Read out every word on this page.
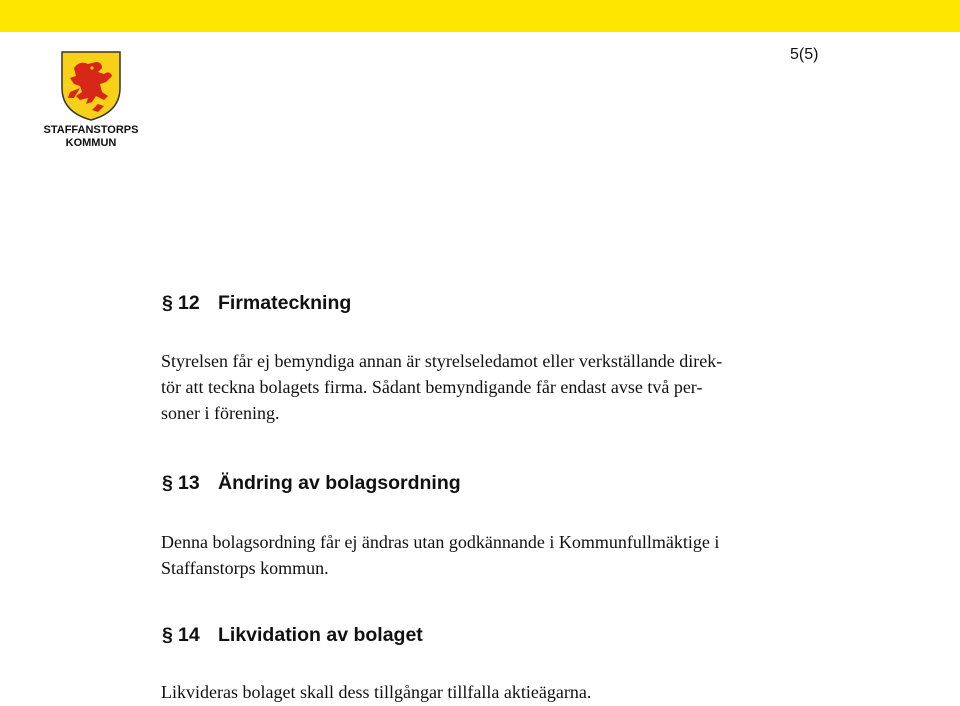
5(5)
STAFFANSTORPS
KOMMUN
§ 12 Firmateckning
Styrelsen får ej bemyndiga annan är styrelseledamot eller verkställande direk-
tör att teckna bolagets firma. Sådant bemyndigande får endast avse två per-
soner i förening.
§ 13 Ändring av bolagsordning
Denna bolagsordning får ej ändras utan godkännande i Kommunfullmäktige i
Staffanstorps kommun.
§ 14 Likvidation av bolaget
Likvideras bolaget skall dess tillgångar tillfalla aktieägarna.
